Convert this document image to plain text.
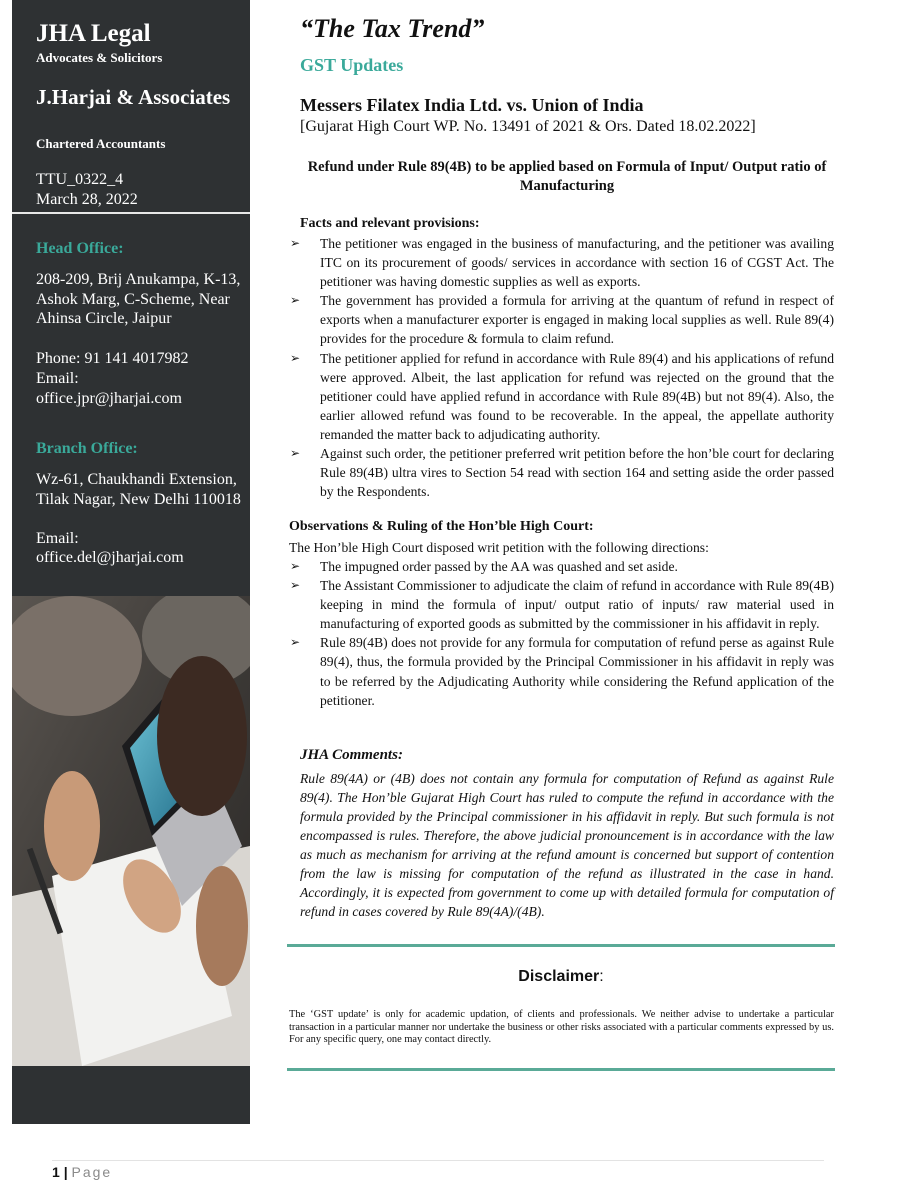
JHA Legal
Advocates & Solicitors
J.Harjai & Associates
Chartered Accountants
TTU_0322_4
March 28, 2022
Head Office:
208-209, Brij Anukampa, K-13, Ashok Marg, C-Scheme, Near Ahinsa Circle, Jaipur
Phone: 91 141 4017982
Email:
office.jpr@jharjai.com
Branch Office:
Wz-61, Chaukhandi Extension, Tilak Nagar, New Delhi 110018
Email:
office.del@jharjai.com
“The Tax Trend”
GST Updates
Messers Filatex India Ltd. vs. Union of India
[Gujarat High Court WP. No. 13491 of 2021 & Ors. Dated 18.02.2022]
Refund under Rule 89(4B) to be applied based on Formula of Input/ Output ratio of Manufacturing
Facts and relevant provisions:
➢ The petitioner was engaged in the business of manufacturing, and the petitioner was availing ITC on its procurement of goods/ services in accordance with section 16 of CGST Act. The petitioner was having domestic supplies as well as exports.
➢ The government has provided a formula for arriving at the quantum of refund in respect of exports when a manufacturer exporter is engaged in making local supplies as well. Rule 89(4) provides for the procedure & formula to claim refund.
➢ The petitioner applied for refund in accordance with Rule 89(4) and his applications of refund were approved. Albeit, the last application for refund was rejected on the ground that the petitioner could have applied refund in accordance with Rule 89(4B) but not 89(4). Also, the earlier allowed refund was found to be recoverable. In the appeal, the appellate authority remanded the matter back to adjudicating authority.
➢ Against such order, the petitioner preferred writ petition before the hon’ble court for declaring Rule 89(4B) ultra vires to Section 54 read with section 164 and setting aside the order passed by the Respondents.
Observations & Ruling of the Hon’ble High Court:
The Hon’ble High Court disposed writ petition with the following directions:
➢ The impugned order passed by the AA was quashed and set aside.
➢ The Assistant Commissioner to adjudicate the claim of refund in accordance with Rule 89(4B) keeping in mind the formula of input/ output ratio of inputs/ raw material used in manufacturing of exported goods as submitted by the commissioner in his affidavit in reply.
➢ Rule 89(4B) does not provide for any formula for computation of refund perse as against Rule 89(4), thus, the formula provided by the Principal Commissioner in his affidavit in reply was to be referred by the Adjudicating Authority while considering the Refund application of the petitioner.
JHA Comments:
Rule 89(4A) or (4B) does not contain any formula for computation of Refund as against Rule 89(4). The Hon’ble Gujarat High Court has ruled to compute the refund in accordance with the formula provided by the Principal commissioner in his affidavit in reply. But such formula is not encompassed is rules. Therefore, the above judicial pronouncement is in accordance with the law as much as mechanism for arriving at the refund amount is concerned but support of contention from the law is missing for computation of the refund as illustrated in the case in hand. Accordingly, it is expected from government to come up with detailed formula for computation of refund in cases covered by Rule 89(4A)/(4B).
Disclaimer:
The ‘GST update’ is only for academic updation, of clients and professionals. We neither advise to undertake a particular transaction in a particular manner nor undertake the business or other risks associated with a particular comments expressed by us. For any specific query, one may contact directly.
1 | Page
